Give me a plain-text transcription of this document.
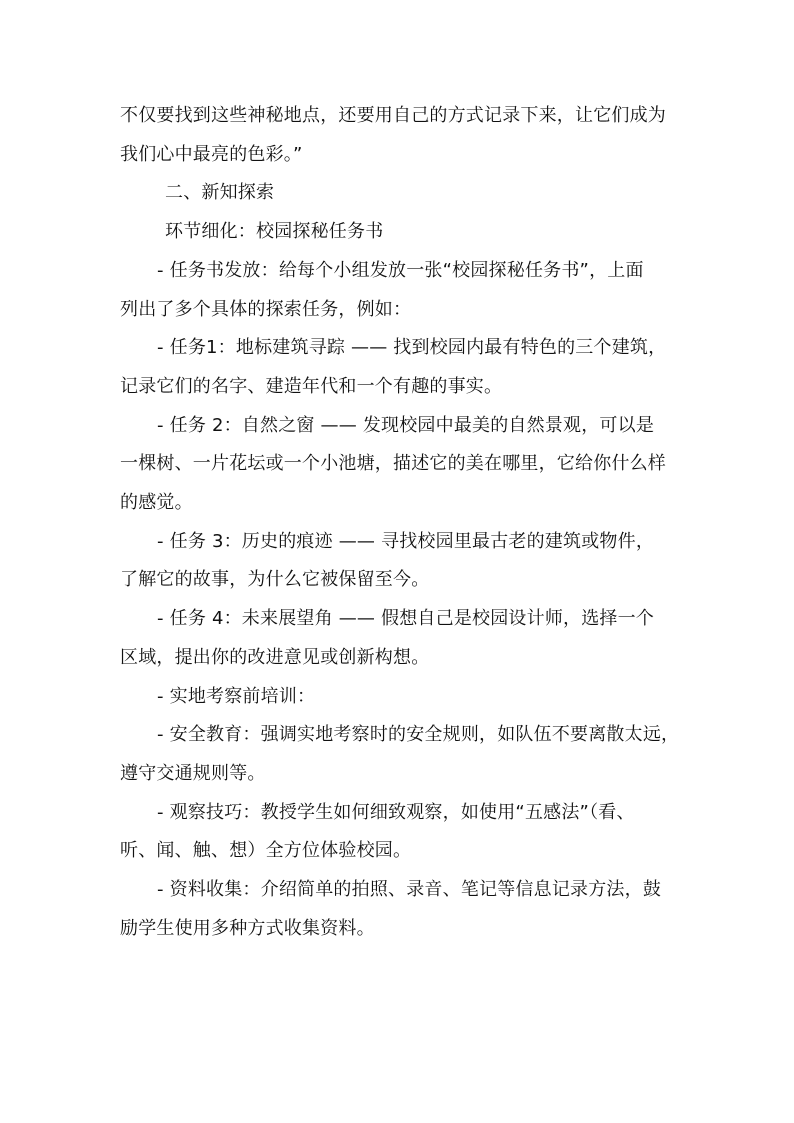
不仅要找到这些神秘地点，还要用自己的方式记录下来，让它们成为

我们心中最亮的色彩。”

二、新知探索

环节细化：校园探秘任务书

- 任务书发放：给每个小组发放一张“校园探秘任务书”，上面

列出了多个具体的探索任务，例如：

- 任务1：地标建筑寻踪 —— 找到校园内最有特色的三个建筑，

记录它们的名字、建造年代和一个有趣的事实。

- 任务 2：自然之窗 —— 发现校园中最美的自然景观，可以是

一棵树、一片花坛或一个小池塘，描述它的美在哪里，它给你什么样

的感觉。

- 任务 3：历史的痕迹 —— 寻找校园里最古老的建筑或物件，

了解它的故事，为什么它被保留至今。

- 任务 4：未来展望角 —— 假想自己是校园设计师，选择一个

区域，提出你的改进意见或创新构想。

- 实地考察前培训：

- 安全教育：强调实地考察时的安全规则，如队伍不要离散太远，

遵守交通规则等。

- 观察技巧：教授学生如何细致观察，如使用“五感法”（看、

听、闻、触、想）全方位体验校园。

- 资料收集：介绍简单的拍照、录音、笔记等信息记录方法，鼓

励学生使用多种方式收集资料。
